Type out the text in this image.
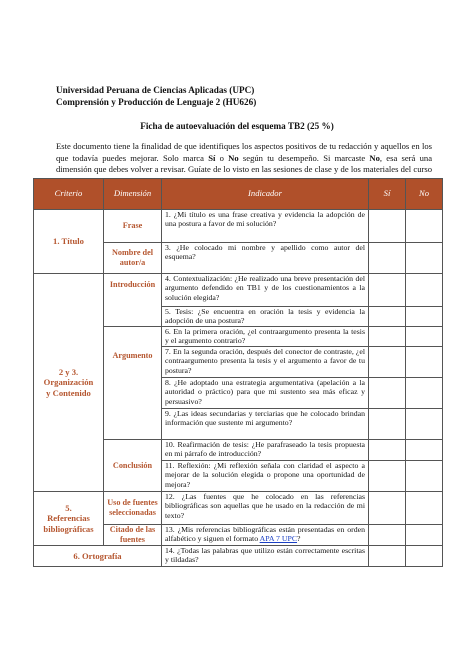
Universidad Peruana de Ciencias Aplicadas (UPC)
Comprensión y Producción de Lenguaje 2 (HU626)
Ficha de autoevaluación del esquema TB2 (25 %)
Este documento tiene la finalidad de que identifiques los aspectos positivos de tu redacción y aquellos en los que todavía puedes mejorar. Solo marca Sí o No según tu desempeño. Si marcaste No, esa será una dimensión que debes volver a revisar. Guíate de lo visto en las sesiones de clase y de los materiales del curso
Criterio	Dimensión	Indicador	Sí	No
1. Título	Frase	1. ¿Mi título es una frase creativa y evidencia la adopción de una postura a favor de mi solución?		
	Nombre del autor/a	3. ¿He colocado mi nombre y apellido como autor del esquema?		
2 y 3.
Organización
y Contenido	Introducción	4. Contextualización: ¿He realizado una breve presentación del argumento defendido en TB1 y de los cuestionamientos a la solución elegida?		
		5. Tesis: ¿Se encuentra en oración la tesis y evidencia la adopción de una postura?		
	Argumento	6. En la primera oración, ¿el contraargumento presenta la tesis y el argumento contrario?		
		7. En la segunda oración, después del conector de contraste, ¿el contraargumento presenta la tesis y el argumento a favor de tu postura?		
		8. ¿He adoptado una estrategia argumentativa (apelación a la autoridad o práctico) para que mi sustento sea más eficaz y persuasivo?		
		9. ¿Las ideas secundarias y terciarias que he colocado brindan información que sustente mi argumento?		
	Conclusión	10. Reafirmación de tesis: ¿He parafraseado la tesis propuesta en mi párrafo de introducción?		
		11. Reflexión: ¿Mi reflexión señala con claridad el aspecto a mejorar de la solución elegida o propone una oportunidad de mejora?		
5.
Referencias
bibliográficas	Uso de fuentes seleccionadas	12. ¿Las fuentes que he colocado en las referencias bibliográficas son aquellas que he usado en la redacción de mi texto?		
	Citado de las fuentes	13. ¿Mis referencias bibliográficas están presentadas en orden alfabético y siguen el formato APA 7 UPC?		
6. Ortografía		14. ¿Todas las palabras que utilizo están correctamente escritas y tildadas?		
